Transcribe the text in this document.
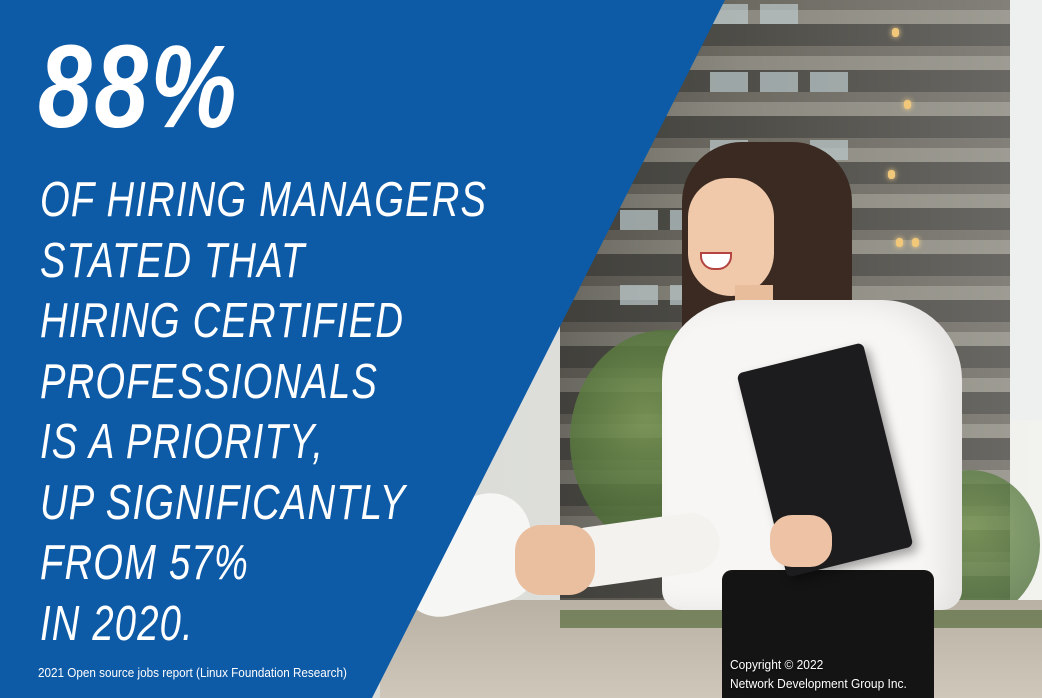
88%
OF HIRING MANAGERS
STATED THAT
HIRING CERTIFIED
PROFESSIONALS
IS A PRIORITY,
UP SIGNIFICANTLY
FROM 57%
IN 2020.
2021 Open source jobs report (Linux Foundation Research)
Copyright © 2022
Network Development Group Inc.
